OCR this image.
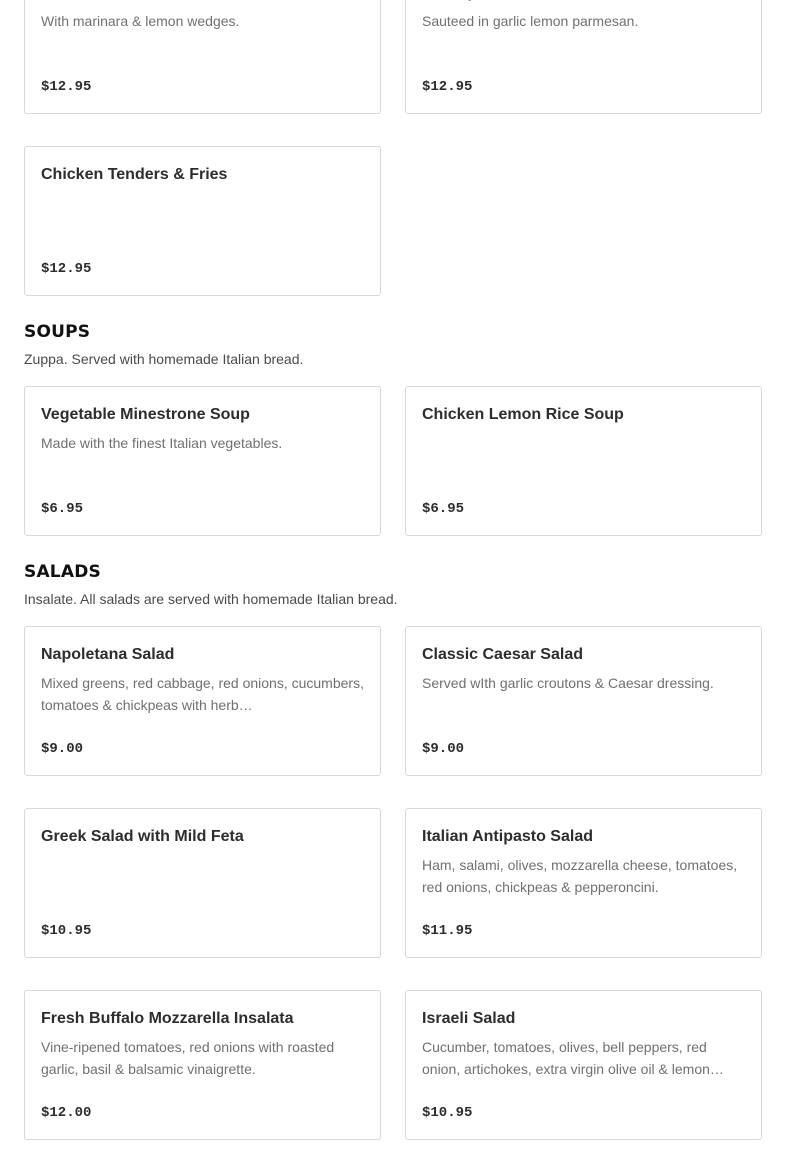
With marinara & lemon wedges.
$12.95
Sauteed in garlic lemon parmesan.
$12.95
Chicken Tenders & Fries
$12.95
SOUPS
Zuppa. Served with homemade Italian bread.
Vegetable Minestrone Soup
Made with the finest Italian vegetables.
$6.95
Chicken Lemon Rice Soup
$6.95
SALADS
Insalate. All salads are served with homemade Italian bread.
Napoletana Salad
Mixed greens, red cabbage, red onions, cucumbers, tomatoes & chickpeas with herb…
$9.00
Classic Caesar Salad
Served wIth garlic croutons & Caesar dressing.
$9.00
Greek Salad with Mild Feta
$10.95
Italian Antipasto Salad
Ham, salami, olives, mozzarella cheese, tomatoes, red onions, chickpeas & pepperoncini.
$11.95
Fresh Buffalo Mozzarella Insalata
Vine-ripened tomatoes, red onions with roasted garlic, basil & balsamic vinaigrette.
$12.00
Israeli Salad
Cucumber, tomatoes, olives, bell peppers, red onion, artichokes, extra virgin olive oil & lemon…
$10.95
